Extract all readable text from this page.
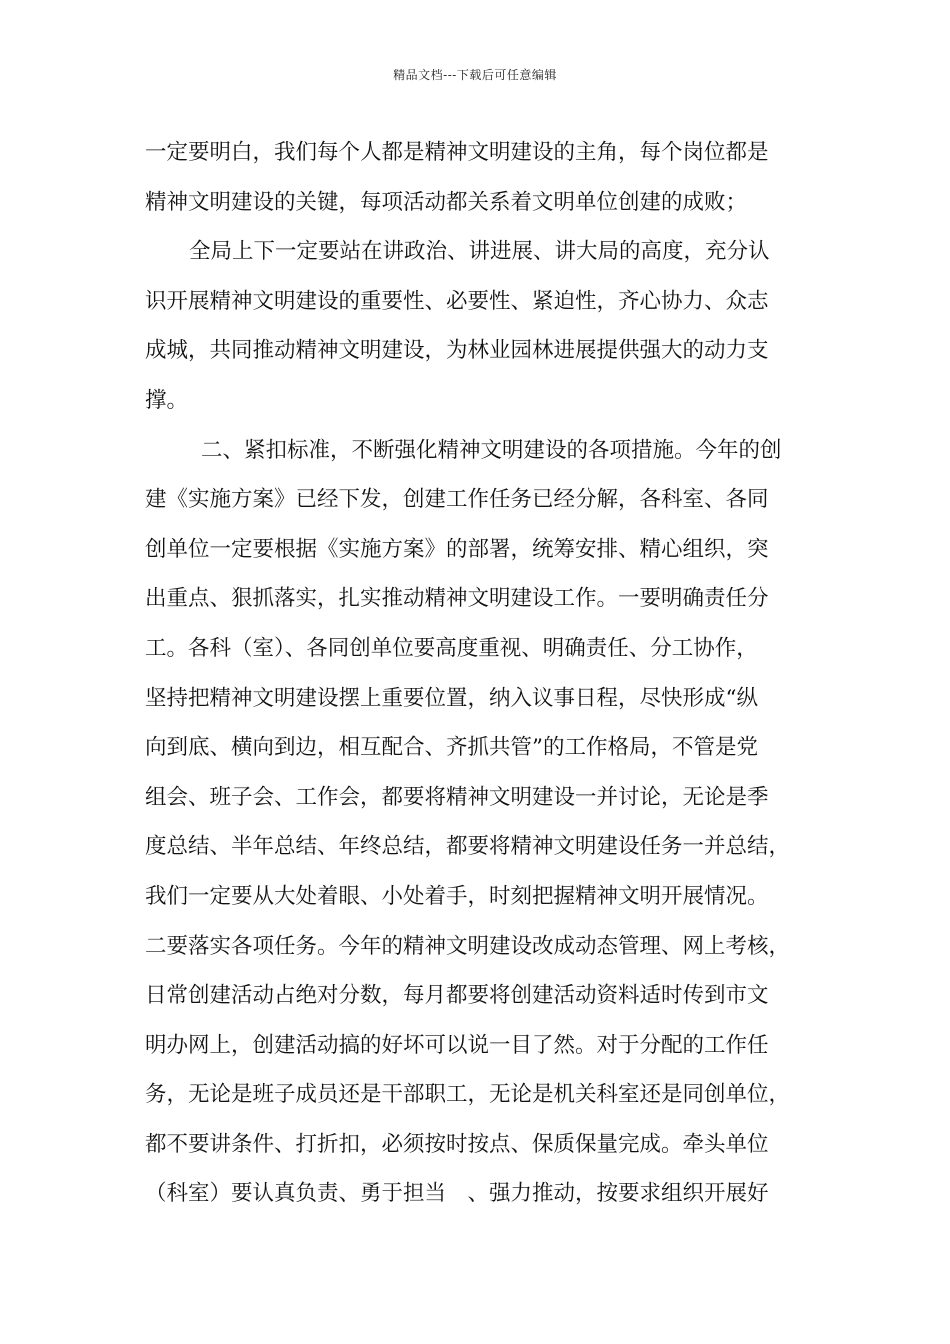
精品文档---下载后可任意编辑
一定要明白，我们每个人都是精神文明建设的主角，每个岗位都是
精神文明建设的关键，每项活动都关系着文明单位创建的成败；
全局上下一定要站在讲政治、讲进展、讲大局的高度，充分认
识开展精神文明建设的重要性、必要性、紧迫性，齐心协力、众志
成城，共同推动精神文明建设，为林业园林进展提供强大的动力支
撑。
二、紧扣标准，不断强化精神文明建设的各项措施。今年的创
建《实施方案》已经下发，创建工作任务已经分解，各科室、各同
创单位一定要根据《实施方案》的部署，统筹安排、精心组织，突
出重点、狠抓落实，扎实推动精神文明建设工作。一要明确责任分
工。各科（室）、各同创单位要高度重视、明确责任、分工协作，
坚持把精神文明建设摆上重要位置，纳入议事日程，尽快形成“纵
向到底、横向到边，相互配合、齐抓共管”的工作格局，不管是党
组会、班子会、工作会，都要将精神文明建设一并讨论，无论是季
度总结、半年总结、年终总结，都要将精神文明建设任务一并总结，
我们一定要从大处着眼、小处着手，时刻把握精神文明开展情况。
二要落实各项任务。今年的精神文明建设改成动态管理、网上考核，
日常创建活动占绝对分数，每月都要将创建活动资料适时传到市文
明办网上，创建活动搞的好坏可以说一目了然。对于分配的工作任
务，无论是班子成员还是干部职工，无论是机关科室还是同创单位，
都不要讲条件、打折扣，必须按时按点、保质保量完成。牵头单位
（科室）要认真负责、勇于担当　、强力推动，按要求组织开展好
